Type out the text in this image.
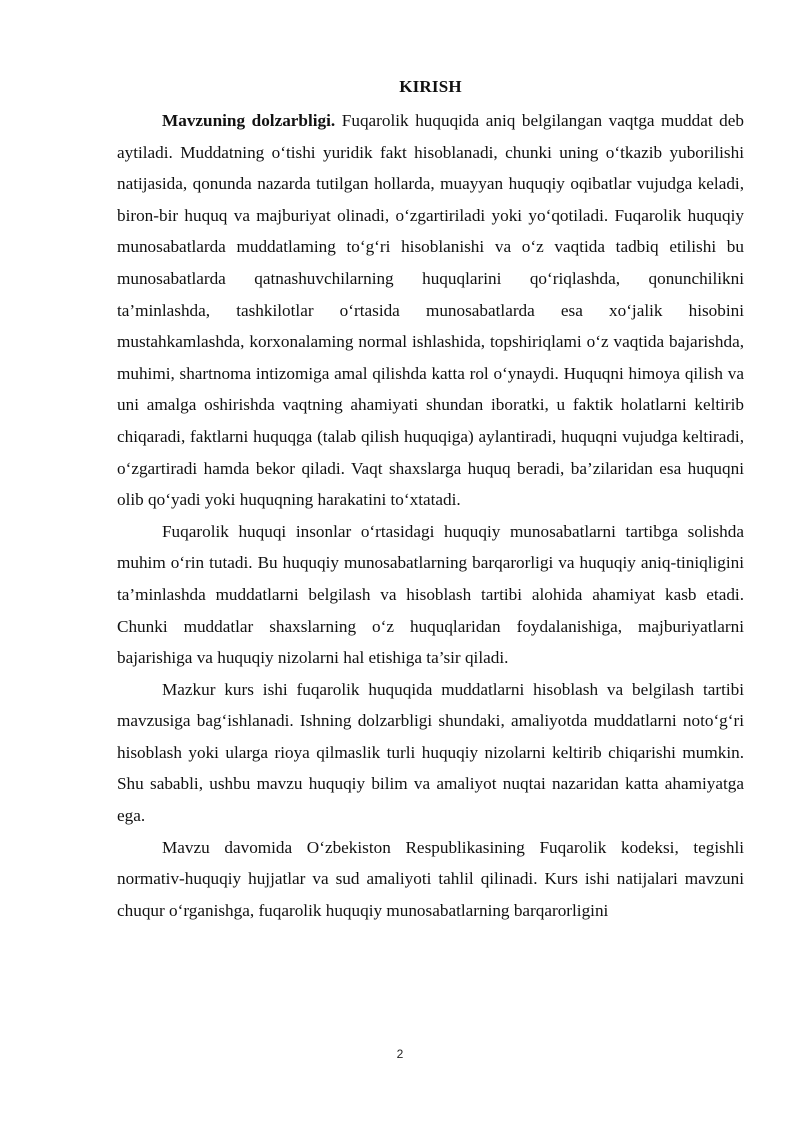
KIRISH

Mavzuning dolzarbligi. Fuqarolik huquqida aniq belgilangan vaqtga muddat deb aytiladi. Muddatning o‘tishi yuridik fakt hisoblanadi, chunki uning o‘tkazib yuborilishi natijasida, qonunda nazarda tutilgan hollarda, muayyan huquqiy oqibatlar vujudga keladi, biron-bir huquq va majburiyat olinadi, o‘zgartiriladi yoki yo‘qotiladi. Fuqarolik huquqiy munosabatlarda muddatlaming to‘g‘ri hisoblanishi va o‘z vaqtida tadbiq etilishi bu munosabatlarda qatnashuvchilarning huquqlarini qo‘riqlashda, qonunchilikni ta’minlashda, tashkilotlar o‘rtasida munosabatlarda esa xo‘jalik hisobini mustahkamlashda, korxonalaming normal ishlashida, topshiriqlami o‘z vaqtida bajarishda, muhimi, shartnoma intizomiga amal qilishda katta rol o‘ynaydi. Huquqni himoya qilish va uni amalga oshirishda vaqtning ahamiyati shundan iboratki, u faktik holatlarni keltirib chiqaradi, faktlarni huquqga (talab qilish huquqiga) aylantiradi, huquqni vujudga keltiradi, o‘zgartiradi hamda bekor qiladi. Vaqt shaxslarga huquq beradi, ba’zilaridan esa huquqni olib qo‘yadi yoki huquqning harakatini to‘xtatadi.

Fuqarolik huquqi insonlar o‘rtasidagi huquqiy munosabatlarni tartibga solishda muhim o‘rin tutadi. Bu huquqiy munosabatlarning barqarorligi va huquqiy aniq-tiniqligini ta’minlashda muddatlarni belgilash va hisoblash tartibi alohida ahamiyat kasb etadi. Chunki muddatlar shaxslarning o‘z huquqlaridan foydalanishiga, majburiyatlarni bajarishiga va huquqiy nizolarni hal etishiga ta’sir qiladi.

Mazkur kurs ishi fuqarolik huquqida muddatlarni hisoblash va belgilash tartibi mavzusiga bag‘ishlanadi. Ishning dolzarbligi shundaki, amaliyotda muddatlarni noto‘g‘ri hisoblash yoki ularga rioya qilmaslik turli huquqiy nizolarni keltirib chiqarishi mumkin. Shu sababli, ushbu mavzu huquqiy bilim va amaliyot nuqtai nazaridan katta ahamiyatga ega.

Mavzu davomida O‘zbekiston Respublikasining Fuqarolik kodeksi, tegishli normativ-huquqiy hujjatlar va sud amaliyoti tahlil qilinadi. Kurs ishi natijalari mavzuni chuqur o‘rganishga, fuqarolik huquqiy munosabatlarning barqarorligini

2
